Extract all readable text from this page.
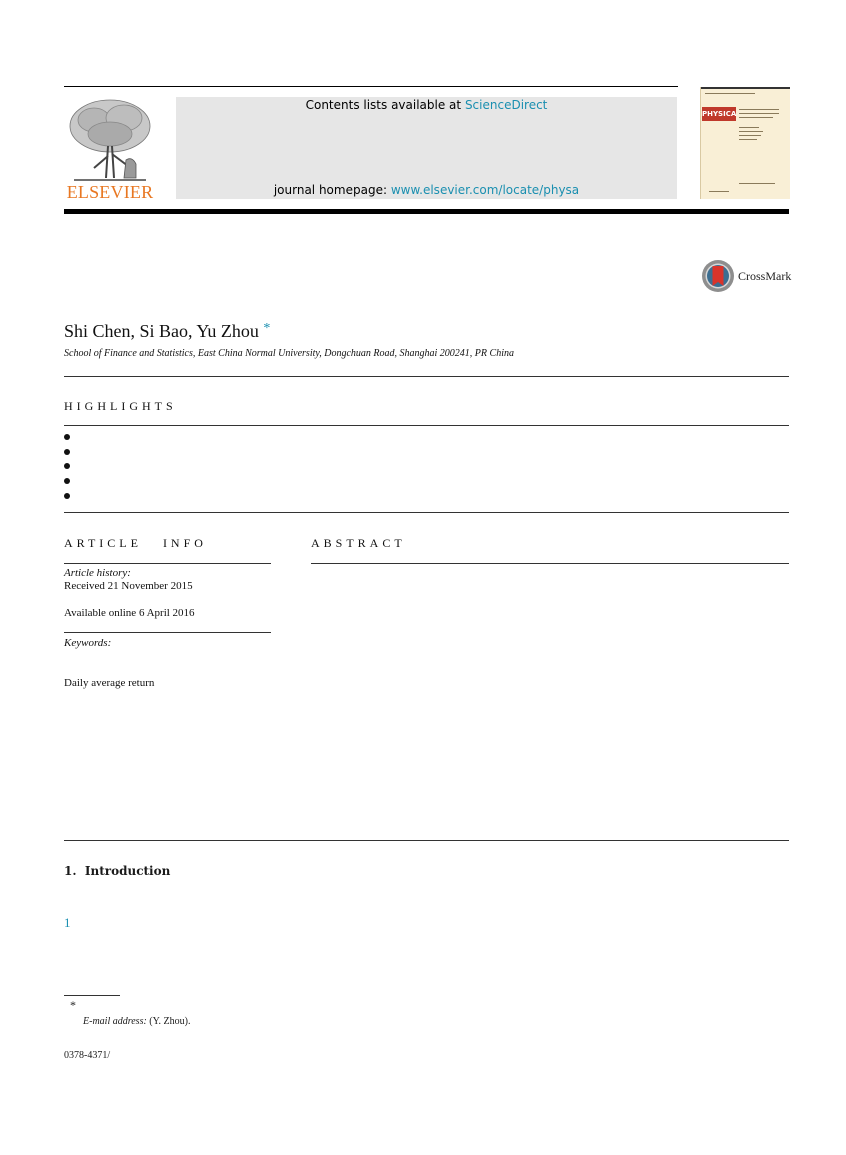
ELSEVIER
Contents lists available at ScienceDirect
journal homepage: www.elsevier.com/locate/physa
PHYSICA
CrossMark
Shi Chen, Si Bao, Yu Zhou *
School of Finance and Statistics, East China Normal University, Dongchuan Road, Shanghai 200241, PR China
HIGHLIGHTS
ARTICLE   INFO
Article history:
Received 21 November 2015
Available online 6 April 2016
Keywords:
Daily average return
ABSTRACT
1.  Introduction
1
*
E-mail address: (Y. Zhou).
0378-4371/
